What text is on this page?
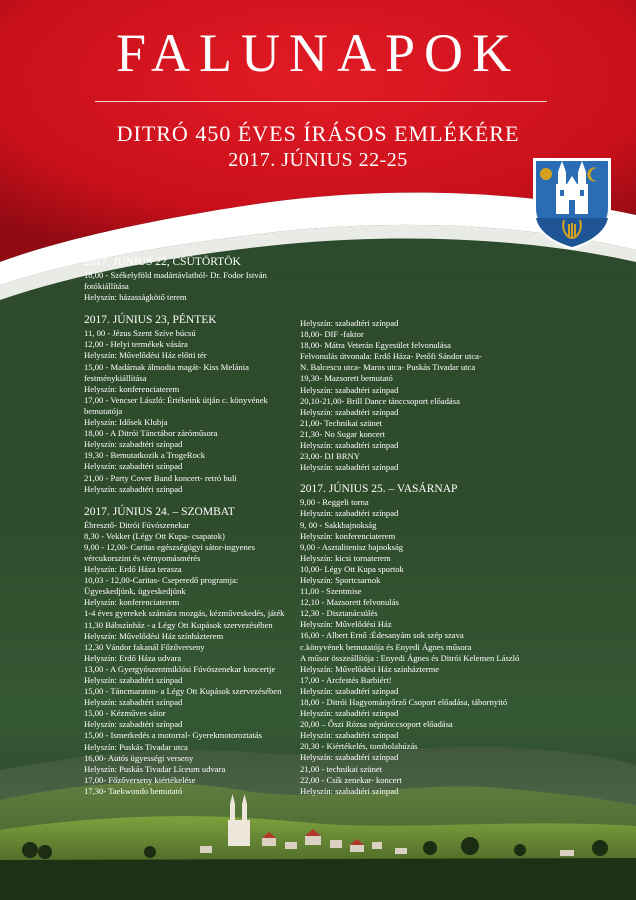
FALUNAPOK
DITRÓ 450 ÉVES ÍRÁSOS EMLÉKÉRE
2017. JÚNIUS 22-25
2017. JÚNIUS 22, CSÜTÖRTÖK
18,00 - Székelyföld madártávlatból- Dr. Fodor István
fotókiállítása
Helyszín: házasságkötő terem
2017. JÚNIUS 23, PÉNTEK
11, 00 - Jézus Szent Szíve búcsú
12,00 - Helyi termékek vására
Helyszín: Művelődési Ház előtti tér
15,00 - Madárnak álmodta magát- Kiss Melánia
festménykiállítása
Helyszín: konferenciaterem
17,00 - Vencser László: Értékeink útján c. könyvének
bemutatója
Helyszín: Idősek Klubja
18,00 - A Ditrói Tánctábor záróműsora
Helyszín: szabadtéri színpad
19,30 - Bemutatkozik a TrogeRock
Helyszín: szabadtéri színpad
21,00 - Party Cover Band koncert- retró buli
Helyszín: szabadtéri színpad
2017. JÚNIUS 24. – SZOMBAT
Ébresztő- Ditrói Fúvószenekar
8,30 - Vekker (Légy Ott Kupa- csapatok)
9,00 - 12,00- Caritas egészségügyi sátor-ingyenes
vércukorszint és vérnyomásmérés
Helyszín: Erdő Háza terasza
10,03 - 12,00-Caritas- Cseperedő programja:
Ügyeskedjünk, ügyeskedjünk
Helyszín: konferenciaterem
1-4 éves gyerekek számára mozgás, kézműveskedés, játék
11,30 Bábszínház - a Légy Ott Kupások szervezésében
Helyszín: Művelődési Ház színházterem
12,30 Vándor fakanál Főzőverseny
Helyszín: Erdő Háza udvara
13,00 - A Gyergyószentmiklósi Fúvószenekar koncertje
Helyszín: szabadtéri színpad
15,00 - Táncmaraton- a Légy Ott Kupások szervezésében
Helyszín: szabadtéri színpad
15,00 - Kézműves sátor
Helyszín: szabadtéri színpad
15,00 - Ismerkedés a motorral- Gyerekmotoroztatás
Helyszín: Puskás Tivadar utca
16,00- Autós ügyességi verseny
Helyszín: Puskás Tivadar Líceum udvara
17,00- Főzőverseny kiértékelése
17,30- Taekwondo bemutató
Helyszín: szabadtéri színpad
18,00- DIF -faktor
18,00- Mátra Veterán Egyesület felvonulása
Felvonulás útvonala: Erdő Háza- Petőfi Sándor utca-
N. Balcescu utca- Maros utca- Puskás Tivadar utca
19,30- Mazsorett bemutató
Helyszín: szabadtéri színpad
20,10-21,00- Brill Dance tánccsoport előadása
Helyszín: szabadtéri színpad
21,00- Technikai szünet
21,30- No Sugar koncert
Helyszín: szabadtéri színpad
23,00- DJ BRNY
Helyszín: szabadtéri színpad
2017. JÚNIUS 25. – VASÁRNAP
9,00 - Reggeli torna
Helyszín: szabadtéri színpad
9, 00 - Sakkbajnokság
Helyszín: konferenciaterem
9,00 - Asztalitenisz bajnokság
Helyszín: kicsi tornaterem
10,00- Légy Ott Kupa sportok
Helyszín: Sportcsarnok
11,00 - Szentmise
12,10 - Mazsorett felvonulás
12,30 - Disztanácsülés
Helyszín: Művelődési Ház
16,00 - Albert Ernő :Édesanyám sok szép szava
c.könyvének bemutatója és Enyedi Ágnes műsora
A műsor összeállítója : Enyedi Ágnes és Ditrói Kelemen László
Helyszín: Művelődési Ház színházterme
17,00 - Arcfestés Barbiért!
Helyszín: szabadtéri színpad
18,00 - Ditrói Hagyományőrző Csoport előadása, tábornyitó
Helyszín: szabadtéri színpad
20,00 – Őszi Rózsa néptánccsoport előadása
Helyszín: szabadtéri színpad
20,30 - Kiértékelés, tombolahúzás
Helyszín: szabadtéri színpad
21,00 - technikai szünet
22,00 - Csík zenekar- koncert
Helyszín: szabadtéri színpad
